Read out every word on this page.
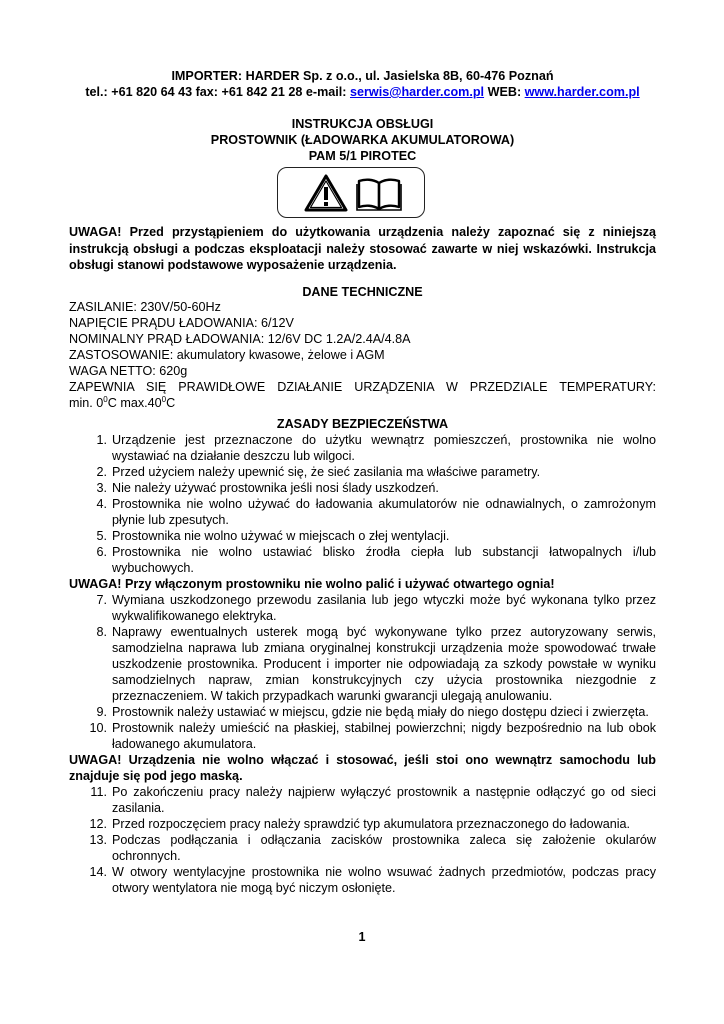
IMPORTER: HARDER Sp. z o.o., ul. Jasielska 8B, 60-476 Poznań
tel.: +61 820 64 43 fax: +61 842 21 28 e-mail: serwis@harder.com.pl WEB: www.harder.com.pl
INSTRUKCJA OBSŁUGI
PROSTOWNIK (ŁADOWARKA AKUMULATOROWA)
PAM 5/1 PIROTEC
UWAGA! Przed przystąpieniem do użytkowania urządzenia należy zapoznać się z niniejszą instrukcją obsługi a podczas eksploatacji należy stosować zawarte w niej wskazówki. Instrukcja obsługi stanowi podstawowe wyposażenie urządzenia.
DANE TECHNICZNE
ZASILANIE: 230V/50-60Hz
NAPIĘCIE PRĄDU ŁADOWANIA: 6/12V
NOMINALNY PRĄD ŁADOWANIA: 12/6V DC 1.2A/2.4A/4.8A
ZASTOSOWANIE: akumulatory kwasowe, żelowe i AGM
WAGA NETTO: 620g
ZAPEWNIA SIĘ PRAWIDŁOWE DZIAŁANIE URZĄDZENIA W PRZEDZIALE TEMPERATURY:
min. $0^0C$ $\max.40^0C$
ZASADY BEZPIECZEŃSTWA
1. Urządzenie jest przeznaczone do użytku wewnątrz pomieszczeń, prostownika nie wolno wystawiać na działanie deszczu lub wilgoci.
2. Przed użyciem należy upewnić się, że sieć zasilania ma właściwe parametry.
3. Nie należy używać prostownika jeśli nosi ślady uszkodzeń.
4. Prostownika nie wolno używać do ładowania akumulatorów nie odnawialnych, o zamrożonym płynie lub zpesutych.
5. Prostownika nie wolno używać w miejscach o złej wentylacji.
6. Prostownika nie wolno ustawiać blisko źrodła ciepła lub substancji łatwopalnych i/lub wybuchowych.
UWAGA! Przy włączonym prostowniku nie wolno palić i używać otwartego ognia!
7. Wymiana uszkodzonego przewodu zasilania lub jego wtyczki może być wykonana tylko przez wykwalifikowanego elektryka.
8. Naprawy ewentualnych usterek mogą być wykonywane tylko przez autoryzowany serwis, samodzielna naprawa lub zmiana oryginalnej konstrukcji urządzenia może spowodować trwałe uszkodzenie prostownika. Producent i importer nie odpowiadają za szkody powstałe w wyniku samodzielnych napraw, zmian konstrukcyjnych czy użycia prostownika niezgodnie z przeznaczeniem. W takich przypadkach warunki gwarancji ulegają anulowaniu.
9. Prostownik należy ustawiać w miejscu, gdzie nie będą miały do niego dostępu dzieci i zwierzęta.
10. Prostownik należy umieścić na płaskiej, stabilnej powierzchni; nigdy bezpośrednio na lub obok ładowanego akumulatora.
UWAGA! Urządzenia nie wolno włączać i stosować, jeśli stoi ono wewnątrz samochodu lub znajduje się pod jego maską.
11. Po zakończeniu pracy należy najpierw wyłączyć prostownik a następnie odłączyć go od sieci zasilania.
12. Przed rozpoczęciem pracy należy sprawdzić typ akumulatora przeznaczonego do ładowania.
13. Podczas podłączania i odłączania zacisków prostownika zaleca się założenie okularów ochronnych.
14. W otwory wentylacyjne prostownika nie wolno wsuwać żadnych przedmiotów, podczas pracy otwory wentylatora nie mogą być niczym osłonięte.
1
